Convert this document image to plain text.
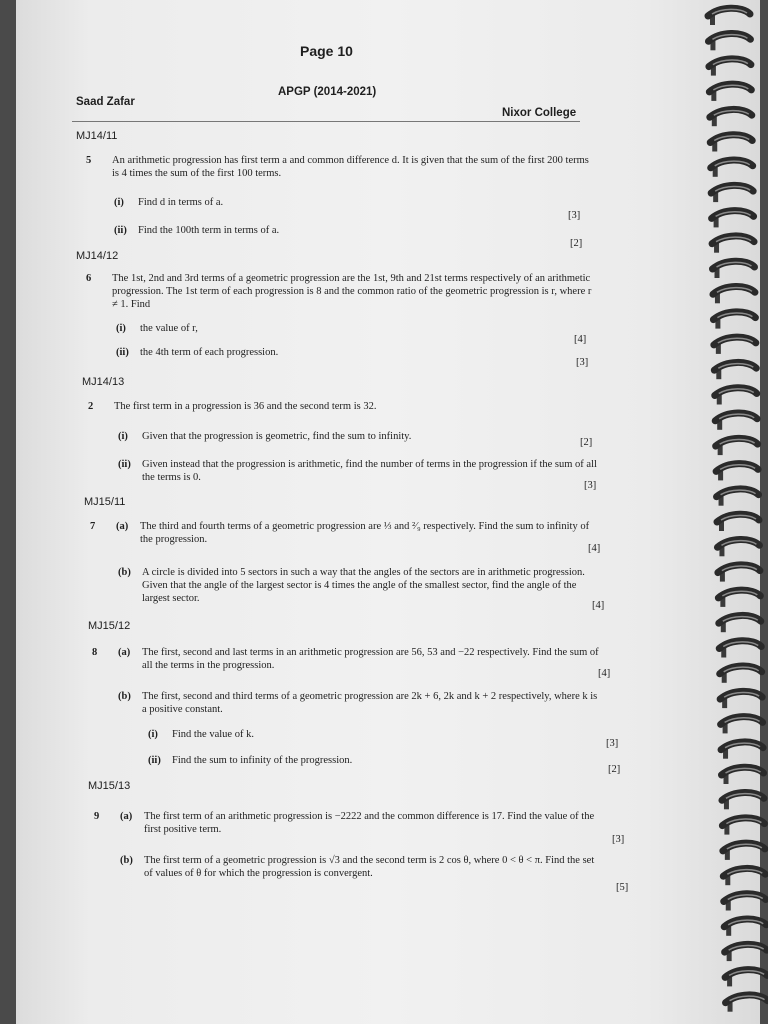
Page 10
APGP (2014-2021)
Saad Zafar
Nixor College
MJ14/11
5 An arithmetic progression has first term a and common difference d. It is given that the sum of the first 200 terms is 4 times the sum of the first 100 terms.
(i) Find d in terms of a.
[3]
(ii) Find the 100th term in terms of a.
[2]
MJ14/12
6 The 1st, 2nd and 3rd terms of a geometric progression are the 1st, 9th and 21st terms respectively of an arithmetic progression. The 1st term of each progression is 8 and the common ratio of the geometric progression is r, where r ≠ 1. Find
(i) the value of r,
[4]
(ii) the 4th term of each progression.
[3]
MJ14/13
2 The first term in a progression is 36 and the second term is 32.
(i) Given that the progression is geometric, find the sum to infinity.
[2]
(ii) Given instead that the progression is arithmetic, find the number of terms in the progression if the sum of all the terms is 0.
[3]
MJ15/11
7 (a) The third and fourth terms of a geometric progression are ⅓ and ²⁄₉ respectively. Find the sum to infinity of the progression.
[4]
(b) A circle is divided into 5 sectors in such a way that the angles of the sectors are in arithmetic progression. Given that the angle of the largest sector is 4 times the angle of the smallest sector, find the angle of the largest sector.
[4]
MJ15/12
8 (a) The first, second and last terms in an arithmetic progression are 56, 53 and −22 respectively. Find the sum of all the terms in the progression.
[4]
(b) The first, second and third terms of a geometric progression are 2k + 6, 2k and k + 2 respectively, where k is a positive constant.
(i) Find the value of k.
[3]
(ii) Find the sum to infinity of the progression.
[2]
MJ15/13
9 (a) The first term of an arithmetic progression is −2222 and the common difference is 17. Find the value of the first positive term.
[3]
(b) The first term of a geometric progression is √3 and the second term is 2 cos θ, where 0 < θ < π. Find the set of values of θ for which the progression is convergent.
[5]
